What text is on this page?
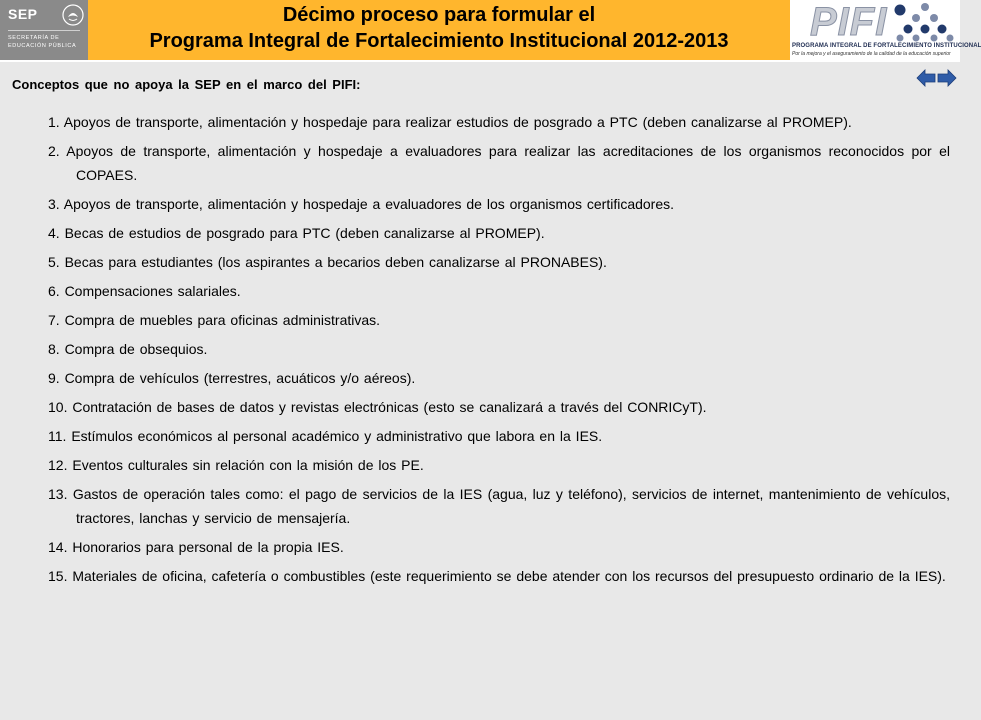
SEP
SECRETARÍA DE
EDUCACIÓN PÚBLICA
Décimo proceso para formular el
Programa Integral de Fortalecimiento Institucional 2012-2013	PIFI
PROGRAMA INTEGRAL DE FORTALECIMIENTO INSTITUCIONAL
Por la mejora y el aseguramiento de la calidad de la educación superior
Conceptos que no apoya la SEP en el marco del PIFI:
1. Apoyos de transporte, alimentación y hospedaje para realizar estudios de posgrado a PTC (deben canalizarse al PROMEP).
2. Apoyos de transporte, alimentación y hospedaje a evaluadores para realizar las acreditaciones de los organismos reconocidos por el COPAES.
3. Apoyos de transporte, alimentación y hospedaje a evaluadores de los organismos certificadores.
4. Becas de estudios de posgrado para PTC (deben canalizarse al PROMEP).
5. Becas para estudiantes (los aspirantes a becarios deben canalizarse al PRONABES).
6. Compensaciones salariales.
7. Compra de muebles para oficinas administrativas.
8. Compra de obsequios.
9. Compra de vehículos (terrestres, acuáticos y/o aéreos).
10. Contratación de bases de datos y revistas electrónicas (esto se canalizará a través del CONRICyT).
11. Estímulos económicos al personal académico y administrativo que labora en la IES.
12. Eventos culturales sin relación con la misión de los PE.
13. Gastos de operación tales como: el pago de servicios de la IES (agua, luz y teléfono), servicios de internet, mantenimiento de vehículos, tractores, lanchas y servicio de mensajería.
14. Honorarios para personal de la propia IES.
15. Materiales de oficina, cafetería o combustibles (este requerimiento se debe atender con los recursos del presupuesto ordinario de la IES).
